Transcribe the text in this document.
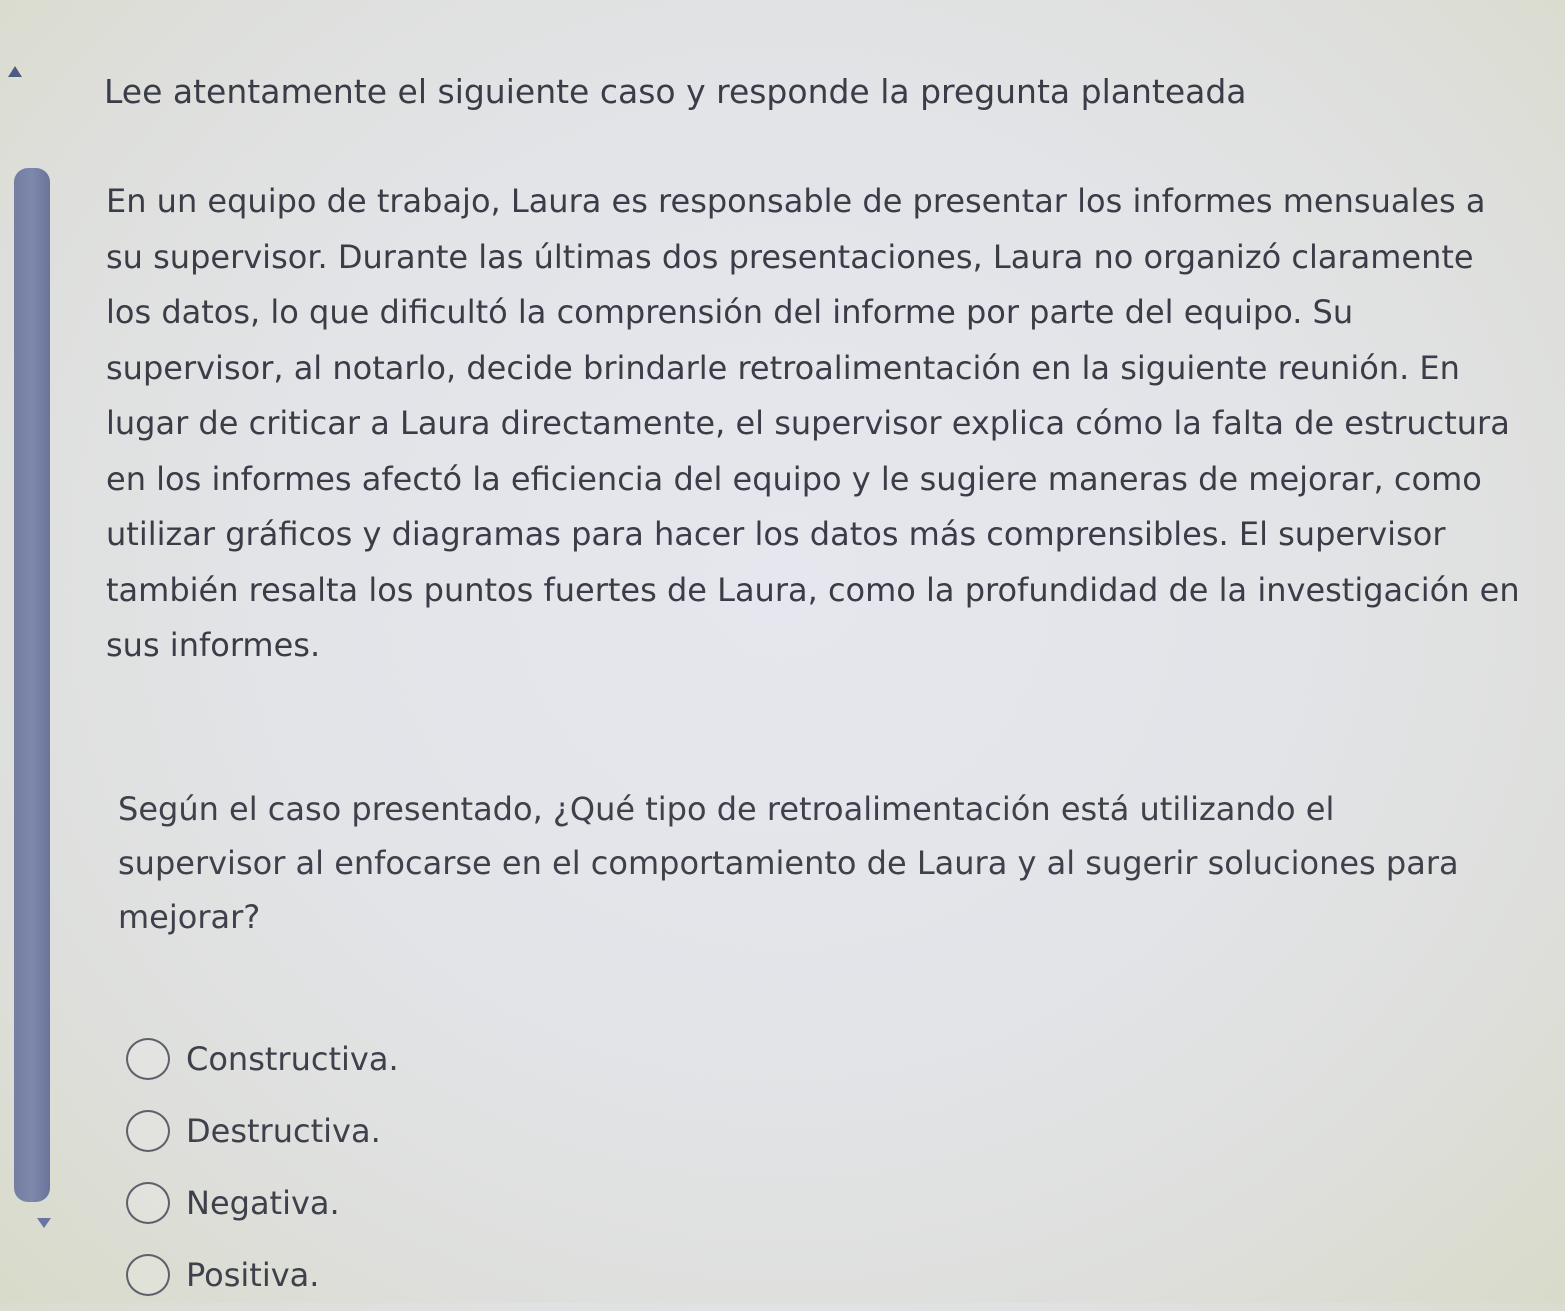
Lee atentamente el siguiente caso y responde la pregunta planteada

En un equipo de trabajo, Laura es responsable de presentar los informes mensuales a su supervisor. Durante las últimas dos presentaciones, Laura no organizó claramente los datos, lo que dificultó la comprensión del informe por parte del equipo. Su supervisor, al notarlo, decide brindarle retroalimentación en la siguiente reunión. En lugar de criticar a Laura directamente, el supervisor explica cómo la falta de estructura en los informes afectó la eficiencia del equipo y le sugiere maneras de mejorar, como utilizar gráficos y diagramas para hacer los datos más comprensibles. El supervisor también resalta los puntos fuertes de Laura, como la profundidad de la investigación en sus informes.
Según el caso presentado, ¿Qué tipo de retroalimentación está utilizando el supervisor al enfocarse en el comportamiento de Laura y al sugerir soluciones para mejorar?
Constructiva.
Destructiva.
Negativa.
Positiva.
